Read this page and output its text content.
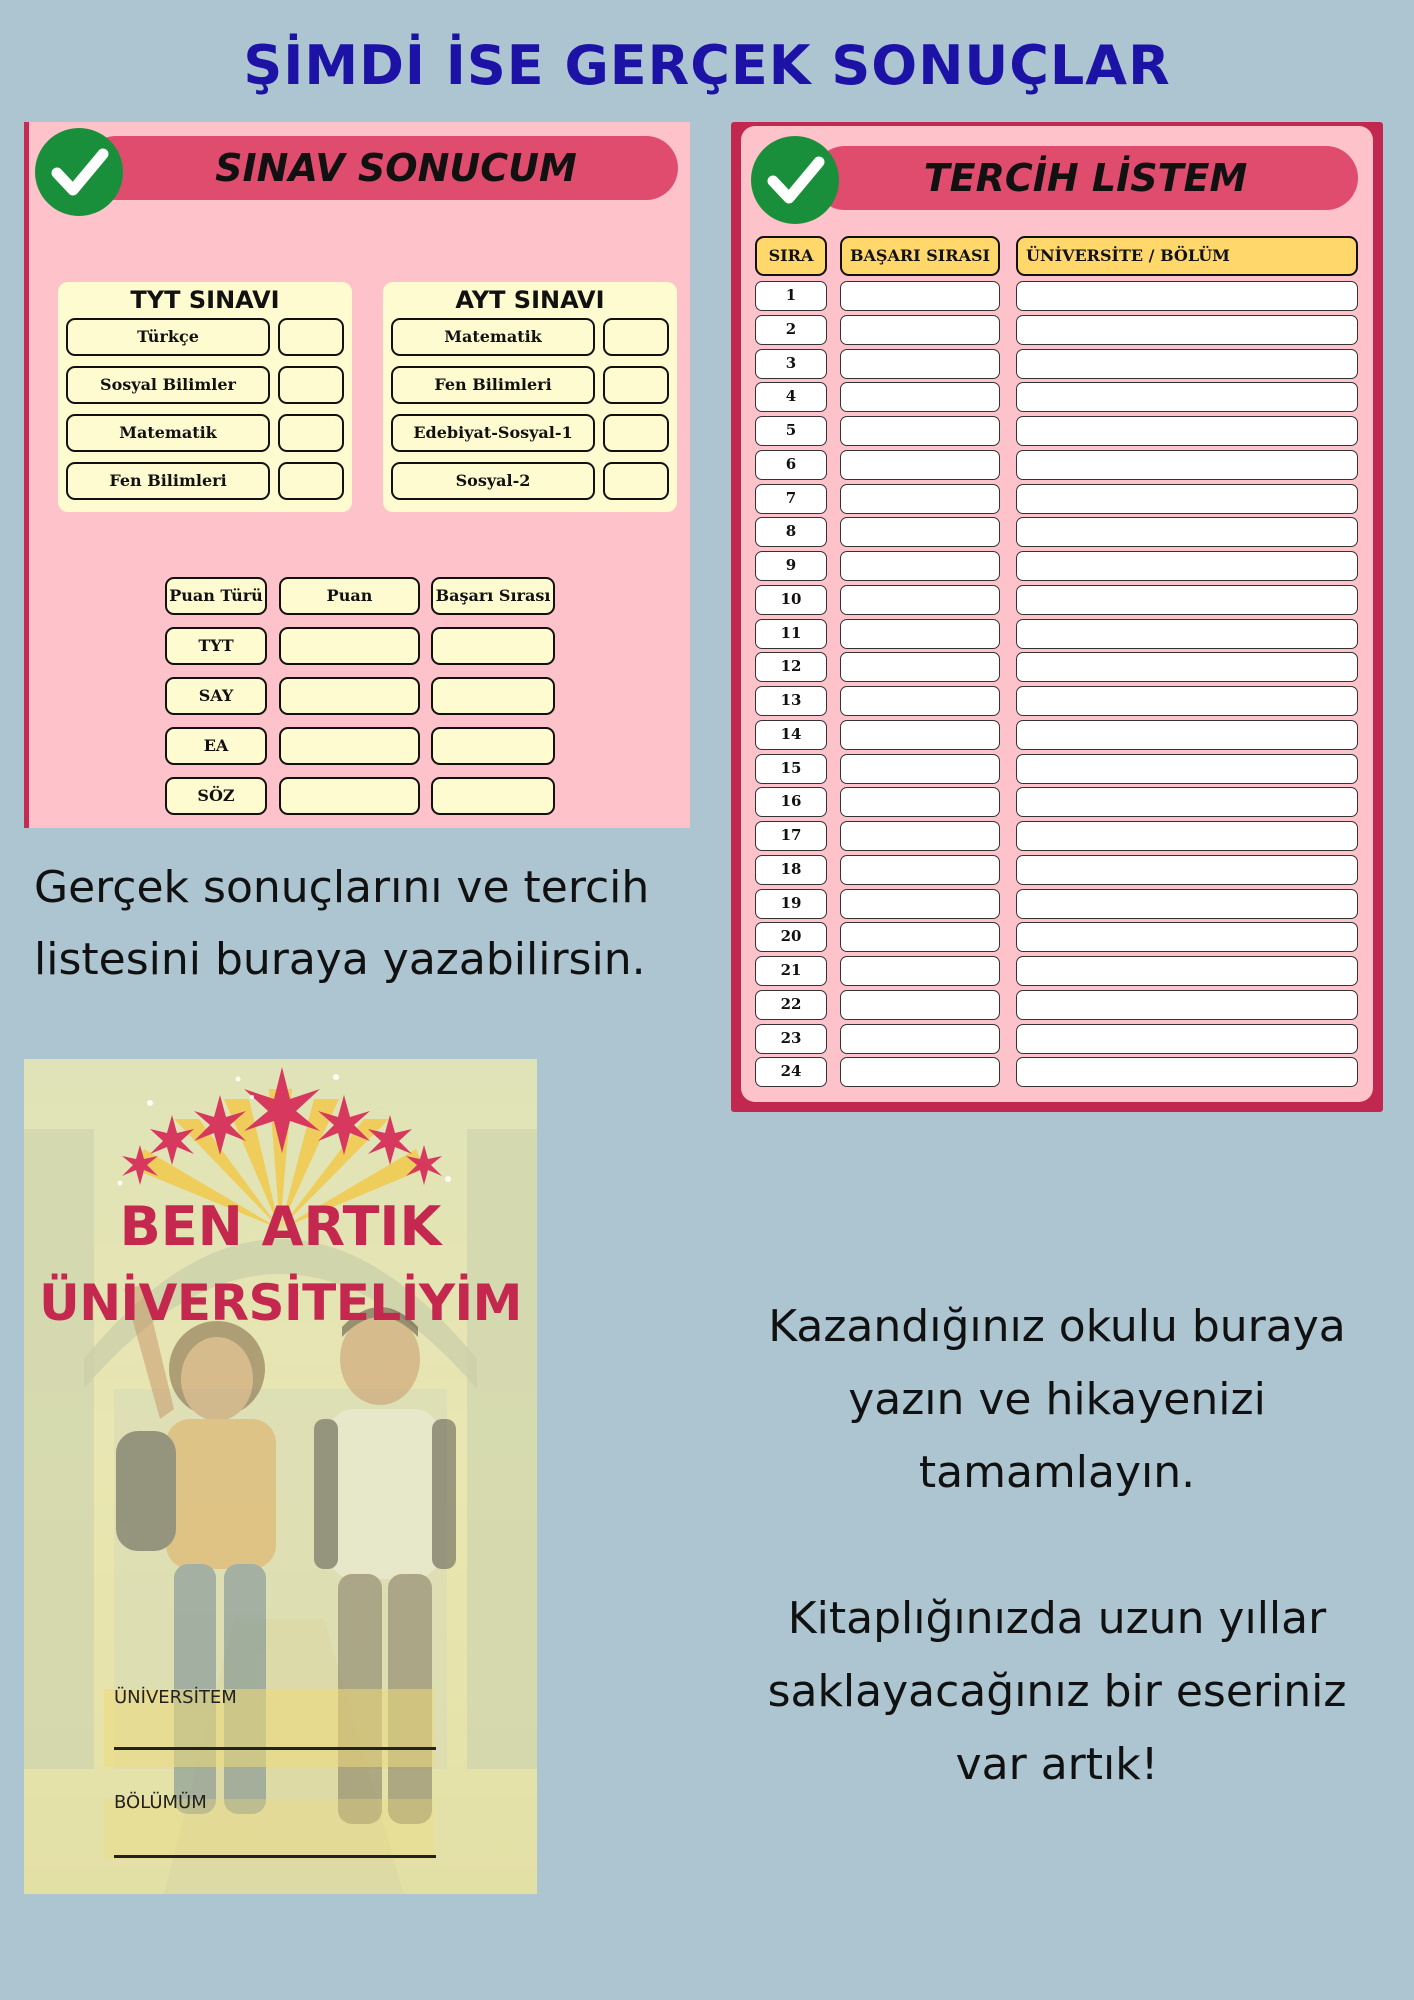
ŞİMDİ İSE GERÇEK SONUÇLAR
SINAV SONUCUM
TYT SINAVI
Türkçe
Sosyal Bilimler
Matematik
Fen Bilimleri
AYT SINAVI
Matematik
Fen Bilimleri
Edebiyat-Sosyal-1
Sosyal-2
Puan Türü	Puan	Başarı Sırası
TYT
SAY
EA
SÖZ
TERCİH LİSTEM
SIRA	BAŞARI SIRASI	ÜNİVERSİTE / BÖLÜM
1
2
3
4
5
6
7
8
9
10
11
12
13
14
15
16
17
18
19
20
21
22
23
24
Gerçek sonuçlarını ve tercih
listesini buraya yazabilirsin.
Kazandığınız okulu buraya
yazın ve hikayenizi
tamamlayın.
Kitaplığınızda uzun yıllar
saklayacağınız bir eseriniz
var artık!
BEN ARTIK
ÜNİVERSİTELİYİM
ÜNİVERSİTEM
BÖLÜMÜM
